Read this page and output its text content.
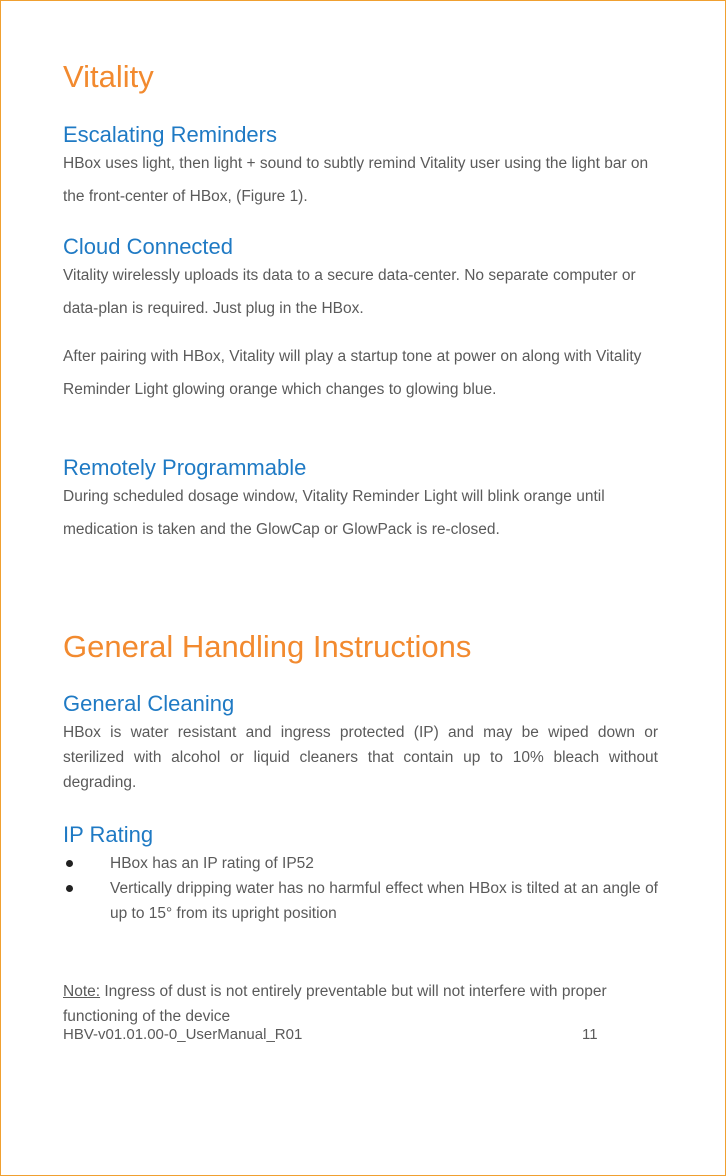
Vitality
Escalating Reminders

HBox uses light, then light + sound to subtly remind Vitality user using the light bar on the front-center of HBox, (Figure 1).

Cloud Connected

Vitality wirelessly uploads its data to a secure data-center. No separate computer or data-plan is required. Just plug in the HBox.

After pairing with HBox, Vitality will play a startup tone at power on along with Vitality Reminder Light glowing orange which changes to glowing blue.

Remotely Programmable

During scheduled dosage window, Vitality Reminder Light will blink orange until medication is taken and the GlowCap or GlowPack is re-closed.

General Handling Instructions
General Cleaning

HBox is water resistant and ingress protected (IP) and may be wiped down or sterilized with alcohol or liquid cleaners that contain up to 10% bleach without degrading.

IP Rating
HBox has an IP rating of IP52
Vertically dripping water has no harmful effect when HBox is tilted at an angle of up to 15° from its upright position

Note: Ingress of dust is not entirely preventable but will not interfere with proper functioning of the device

HBV-v01.01.00-0_UserManual_R01	11
